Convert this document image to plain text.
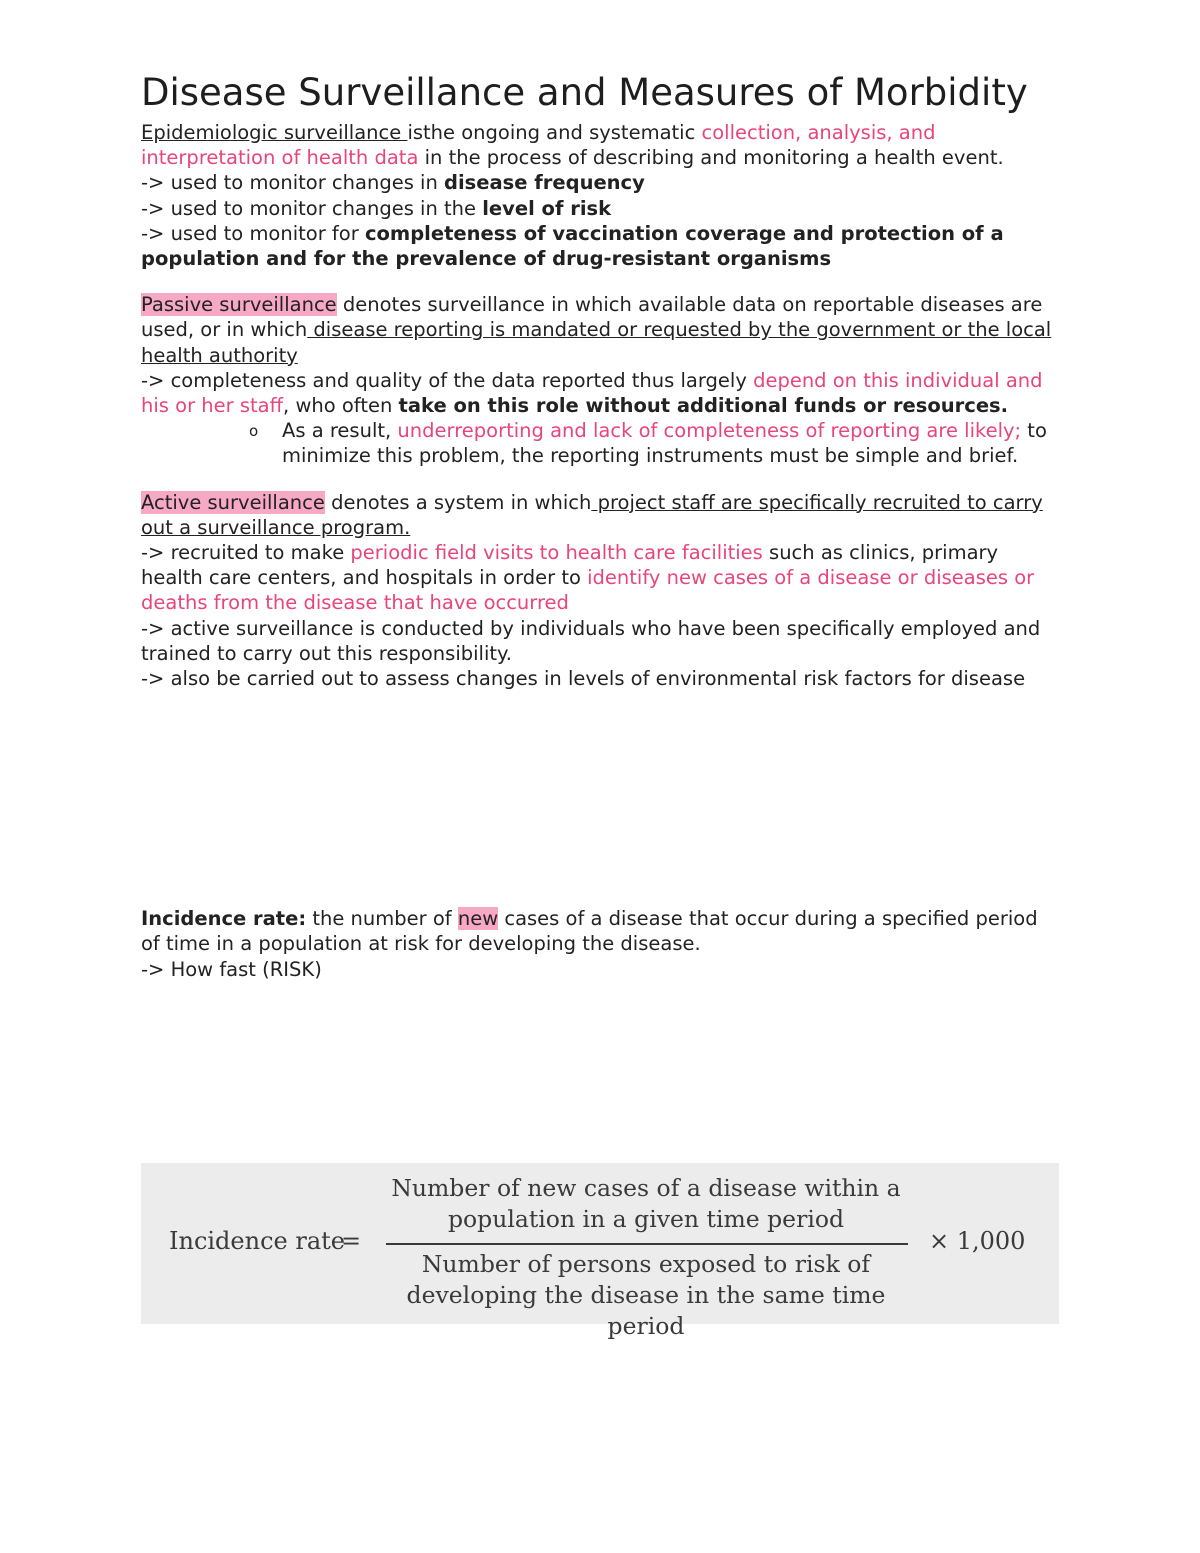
Disease Surveillance and Measures of Morbidity

Epidemiologic surveillance isthe ongoing and systematic collection, analysis, and interpretation of health data in the process of describing and monitoring a health event.

-> used to monitor changes in disease frequency

-> used to monitor changes in the level of risk

-> used to monitor for completeness of vaccination coverage and protection of a population and for the prevalence of drug-resistant organisms

Passive surveillance denotes surveillance in which available data on reportable diseases are used, or in which disease reporting is mandated or requested by the government or the local health authority

-> completeness and quality of the data reported thus largely depend on this individual and his or her staff, who often take on this role without additional funds or resources.

o As a result, underreporting and lack of completeness of reporting are likely; to minimize this problem, the reporting instruments must be simple and brief.

Active surveillance denotes a system in which project staff are specifically recruited to carry out a surveillance program.

-> recruited to make periodic field visits to health care facilities such as clinics, primary health care centers, and hospitals in order to identify new cases of a disease or diseases or deaths from the disease that have occurred

-> active surveillance is conducted by individuals who have been specifically employed and trained to carry out this responsibility.

-> also be carried out to assess changes in levels of environmental risk factors for disease

Incidence rate: the number of new cases of a disease that occur during a specified period of time in a population at risk for developing the disease.

-> How fast (RISK)

Incidence rate
=
Number of new cases of a disease within a
population in a given time period
Number of persons exposed to risk of
developing the disease in the same time period
× 1,000
